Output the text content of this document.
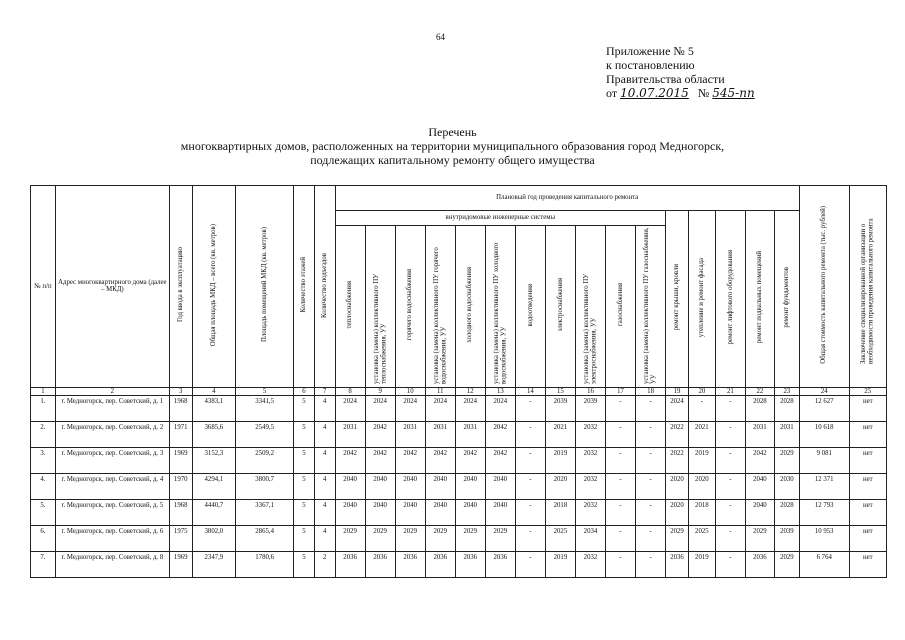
64
Приложение № 5
к постановлению
Правительства области
от 10.07.2015 № 545-пп
Перечень
многоквартирных домов, расположенных на территории муниципального образования город Медногорск,
подлежащих капитальному ремонту общего имущества
№ п/п	Адрес многоквартирного дома (далее – МКД)	Год ввода в эксплуатацию	Общая площадь МКД – всего (кв. метров)	Площадь помещений МКД (кв. метров)	Количество этажей	Количество подъездов	Плановый год проведения капитального ремонта																Общая стоимость капитального ремонта (тыс. рублей)	Заключение специализированной организации о необходимости проведения капитального ремонта
							внутридомовые инженерные системы											ремонт крыши, кровли	утепление и ремонт фасада	ремонт лифтового оборудования	ремонт подвальных помещений	ремонт фундаментов		
							теплоснабжения	установка (замена) коллективного ПУ теплоснабжения, УУ	горячего водоснабжения	установка (замена) коллективного ПУ горячего водоснабжения, УУ	холодного водоснабжения	установка (замена) коллективного ПУ холодного водоснабжения, УУ	водоотведения	электроснабжения	установка (замена) коллективного ПУ электроснабжения, УУ	газоснабжения	установка (замена) коллективного ПУ газоснабжения, УУ							
1	2	3	4	5	6	7	8	9	10	11	12	13	14	15	16	17	18	19	20	21	22	23	24	25
1.	г. Медногорск, пер. Советский, д. 1	1968	4383,1	3341,5	5	4	2024	2024	2024	2024	2024	2024	-	2039	2039	-	-	2024	-	-	2028	2028	12 627	нет
2.	г. Медногорск, пер. Советский, д. 2	1971	3685,6	2549,5	5	4	2031	2042	2031	2031	2031	2042	-	2021	2032	-	-	2022	2021	-	2031	2031	10 618	нет
3.	г. Медногорск, пер. Советский, д. 3	1969	3152,3	2509,2	5	4	2042	2042	2042	2042	2042	2042	-	2019	2032	-	-	2022	2019	-	2042	2029	9 081	нет
4.	г. Медногорск, пер. Советский, д. 4	1970	4294,1	3800,7	5	4	2040	2040	2040	2040	2040	2040	-	2020	2032	-	-	2020	2020	-	2040	2030	12 371	нет
5.	г. Медногорск, пер. Советский, д. 5	1968	4440,7	3367,1	5	4	2040	2040	2040	2040	2040	2040	-	2018	2032	-	-	2020	2018	-	2040	2028	12 793	нет
6.	г. Медногорск, пер. Советский, д. 6	1975	3802,0	2865,4	5	4	2029	2029	2029	2029	2029	2029	-	2025	2034	-	-	2029	2025	-	2029	2039	10 953	нет
7.	г. Медногорск, пер. Советский, д. 8	1969	2347,9	1780,6	5	2	2036	2036	2036	2036	2036	2036	-	2019	2032	-	-	2036	2019	-	2036	2029	6 764	нет
